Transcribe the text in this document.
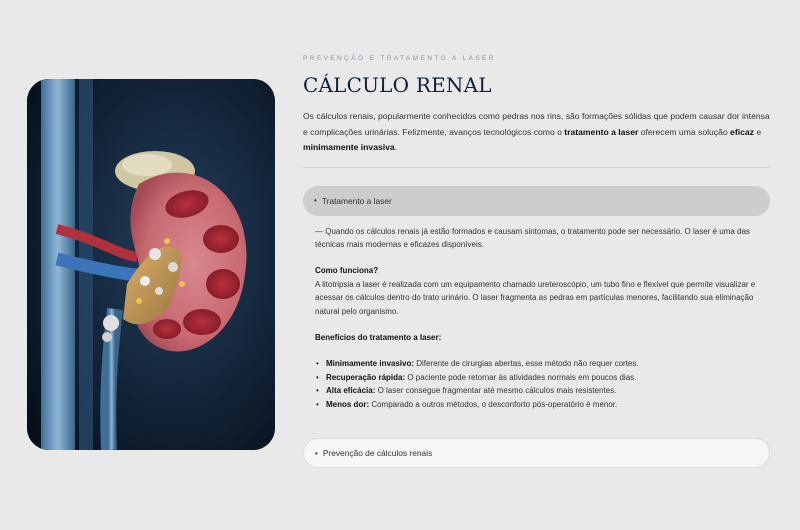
PREVENÇÃO E TRATAMENTO A LASER
CÁLCULO RENAL

Os cálculos renais, popularmente conhecidos como pedras nos rins, são formações sólidas que podem causar dor intensa e complicações urinárias. Felizmente, avanços tecnológicos como o tratamento a laser oferecem uma solução eficaz e minimamente invasiva.

• Tratamento a laser

— Quando os cálculos renais já estão formados e causam sintomas, o tratamento pode ser necessário. O laser é uma das técnicas mais modernas e eficazes disponíveis.

Como funciona?
A litotripsia a laser é realizada com um equipamento chamado ureteroscópio, um tubo fino e flexível que permite visualizar e acessar os cálculos dentro do trato urinário. O laser fragmenta as pedras em partículas menores, facilitando sua eliminação natural pelo organismo.

Benefícios do tratamento a laser:

• Minimamente invasivo: Diferente de cirurgias abertas, esse método não requer cortes.
• Recuperação rápida: O paciente pode retornar às atividades normais em poucos dias.
• Alta eficácia: O laser consegue fragmentar até mesmo cálculos mais resistentes.
• Menos dor: Comparado a outros métodos, o desconforto pós-operatório é menor.
• Prevenção de cálculos renais
